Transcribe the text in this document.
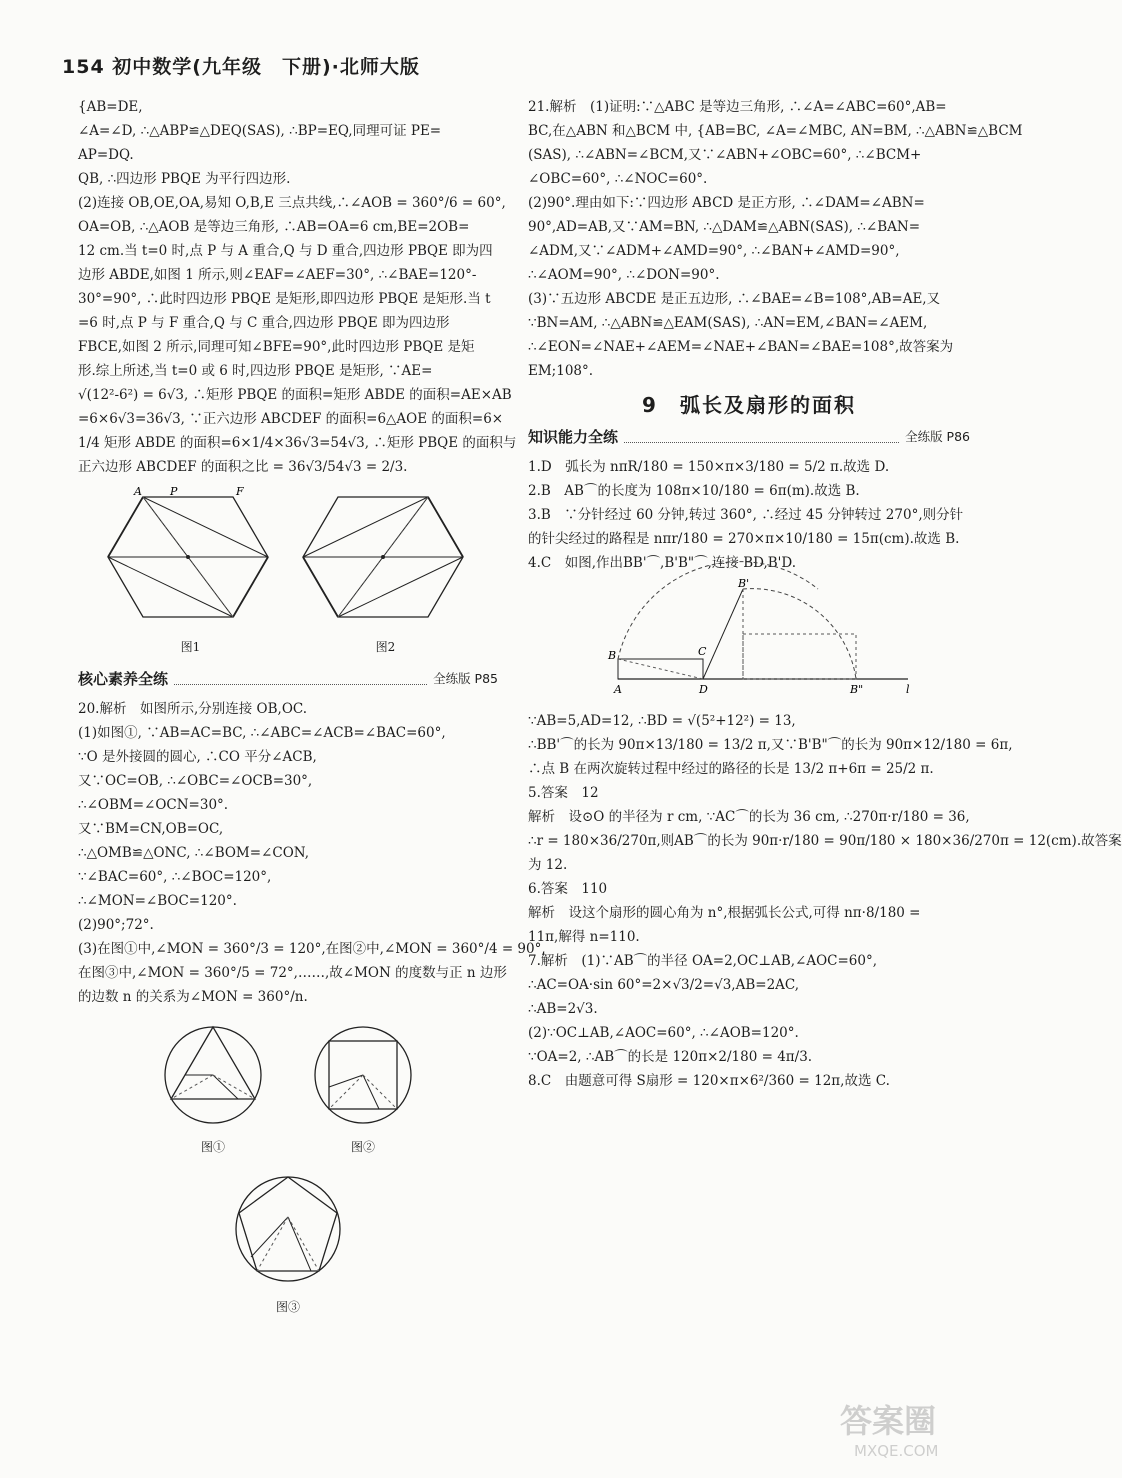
154 初中数学(九年级　下册)·北师大版
{AB=DE,
∠A=∠D, ∴△ABP≌△DEQ(SAS), ∴BP=EQ,同理可证 PE=
AP=DQ.
QB, ∴四边形 PBQE 为平行四边形.
(2)连接 OB,OE,OA,易知 O,B,E 三点共线,∴∠AOB = 360°/6 = 60°,
OA=OB, ∴△AOB 是等边三角形, ∴AB=OA=6 cm,BE=2OB=
12 cm.当 t=0 时,点 P 与 A 重合,Q 与 D 重合,四边形 PBQE 即为四
边形 ABDE,如图 1 所示,则∠EAF=∠AEF=30°, ∴∠BAE=120°-
30°=90°, ∴此时四边形 PBQE 是矩形,即四边形 PBQE 是矩形.当 t
=6 时,点 P 与 F 重合,Q 与 C 重合,四边形 PBQE 即为四边形
FBCE,如图 2 所示,同理可知∠BFE=90°,此时四边形 PBQE 是矩
形.综上所述,当 t=0 或 6 时,四边形 PBQE 是矩形, ∵AE=
√(12²-6²) = 6√3, ∴矩形 PBQE 的面积=矩形 ABDE 的面积=AE×AB
=6×6√3=36√3, ∵正六边形 ABCDEF 的面积=6△AOE 的面积=6×
1/4 矩形 ABDE 的面积=6×1/4×36√3=54√3, ∴矩形 PBQE 的面积与
正六边形 ABCDEF 的面积之比 = 36√3/54√3 = 2/3.
A	P	F
图1	图2
核心素养全练	全练版 P85
20.解析　如图所示,分别连接 OB,OC.
(1)如图①, ∵AB=AC=BC, ∴∠ABC=∠ACB=∠BAC=60°,
∵O 是外接圆的圆心, ∴CO 平分∠ACB,
又∵OC=OB, ∴∠OBC=∠OCB=30°,
∴∠OBM=∠OCN=30°.
又∵BM=CN,OB=OC,
∴△OMB≌△ONC, ∴∠BOM=∠CON,
∵∠BAC=60°, ∴∠BOC=120°,
∴∠MON=∠BOC=120°.
(2)90°;72°.
(3)在图①中,∠MON = 360°/3 = 120°,在图②中,∠MON = 360°/4 = 90°,
在图③中,∠MON = 360°/5 = 72°,……,故∠MON 的度数与正 n 边形
的边数 n 的关系为∠MON = 360°/n.
图①	图②
图③
21.解析　(1)证明:∵△ABC 是等边三角形, ∴∠A=∠ABC=60°,AB=
BC,在△ABN 和△BCM 中, {AB=BC, ∠A=∠MBC, AN=BM, ∴△ABN≌△BCM
(SAS), ∴∠ABN=∠BCM,又∵∠ABN+∠OBC=60°, ∴∠BCM+
∠OBC=60°, ∴∠NOC=60°.
(2)90°.理由如下:∵四边形 ABCD 是正方形, ∴∠DAM=∠ABN=
90°,AD=AB,又∵AM=BN, ∴△DAM≌△ABN(SAS), ∴∠BAN=
∠ADM,又∵∠ADM+∠AMD=90°, ∴∠BAN+∠AMD=90°,
∴∠AOM=90°, ∴∠DON=90°.
(3)∵五边形 ABCDE 是正五边形, ∴∠BAE=∠B=108°,AB=AE,又
∵BN=AM, ∴△ABN≌△EAM(SAS), ∴AN=EM,∠BAN=∠AEM,
∴∠EON=∠NAE+∠AEM=∠NAE+∠BAN=∠BAE=108°,故答案为
EM;108°.
9　弧长及扇形的面积
知识能力全练	全练版 P86
1.D　弧长为 nπR/180 = 150×π×3/180 = 5/2 π.故选 D.
2.B　AB⌒的长度为 108π×10/180 = 6π(m).故选 B.
3.B　∵分针经过 60 分钟,转过 360°, ∴经过 45 分钟转过 270°,则分针
的针尖经过的路程是 nπr/180 = 270×π×10/180 = 15π(cm).故选 B.
4.C　如图,作出BB'⌒,B'B"⌒,连接 BD,B'D.
B'
B	C
A	D	B"	l
∵AB=5,AD=12, ∴BD = √(5²+12²) = 13,
∴BB'⌒的长为 90π×13/180 = 13/2 π,又∵B'B"⌒的长为 90π×12/180 = 6π,
∴点 B 在两次旋转过程中经过的路径的长是 13/2 π+6π = 25/2 π.
5.答案　12
解析　设⊙O 的半径为 r cm, ∵AC⌒的长为 36 cm, ∴270π·r/180 = 36,
∴r = 180×36/270π,则AB⌒的长为 90π·r/180 = 90π/180 × 180×36/270π = 12(cm).故答案
为 12.
6.答案　110
解析　设这个扇形的圆心角为 n°,根据弧长公式,可得 nπ·8/180 =
11π,解得 n=110.
7.解析　(1)∵AB⌒的半径 OA=2,OC⊥AB,∠AOC=60°,
∴AC=OA·sin 60°=2×√3/2=√3,AB=2AC,
∴AB=2√3.
(2)∵OC⊥AB,∠AOC=60°, ∴∠AOB=120°.
∵OA=2, ∴AB⌒的长是 120π×2/180 = 4π/3.
8.C　由题意可得 S扇形 = 120×π×6²/360 = 12π,故选 C.
答案圈
MXQE.COM
